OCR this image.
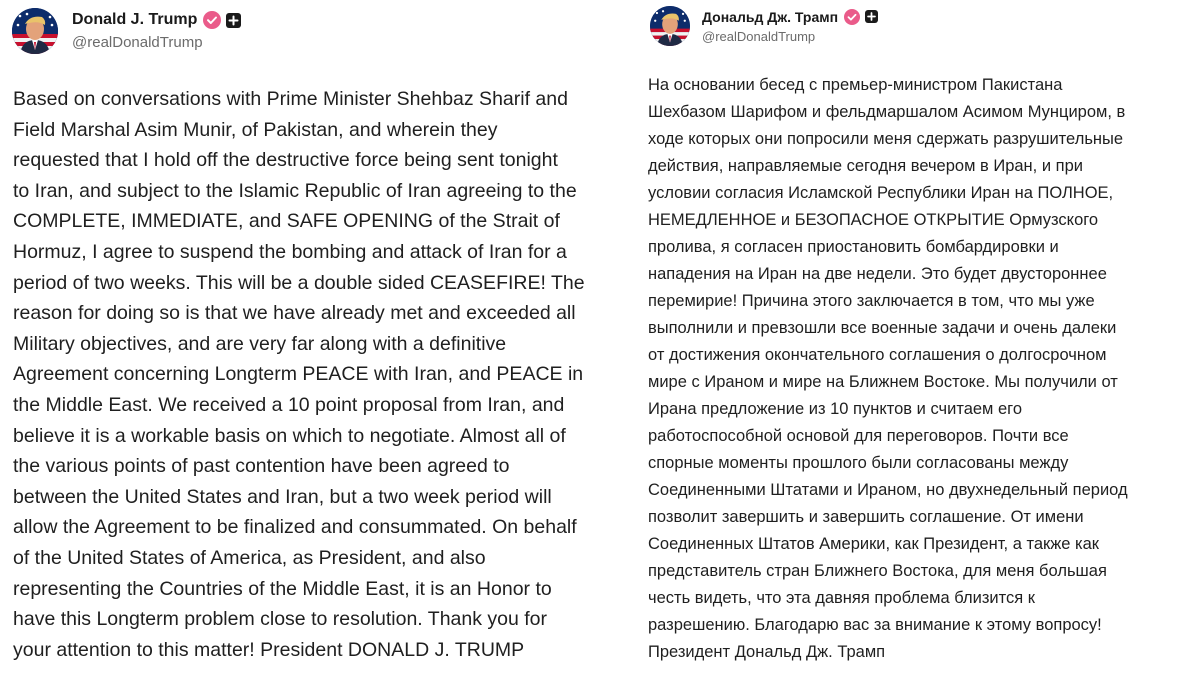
Donald J. Trump
@realDonaldTrump

Based on conversations with Prime Minister Shehbaz Sharif and
Field Marshal Asim Munir, of Pakistan, and wherein they
requested that I hold off the destructive force being sent tonight
to Iran, and subject to the Islamic Republic of Iran agreeing to the
COMPLETE, IMMEDIATE, and SAFE OPENING of the Strait of
Hormuz, I agree to suspend the bombing and attack of Iran for a
period of two weeks. This will be a double sided CEASEFIRE! The
reason for doing so is that we have already met and exceeded all
Military objectives, and are very far along with a definitive
Agreement concerning Longterm PEACE with Iran, and PEACE in
the Middle East. We received a 10 point proposal from Iran, and
believe it is a workable basis on which to negotiate. Almost all of
the various points of past contention have been agreed to
between the United States and Iran, but a two week period will
allow the Agreement to be finalized and consummated. On behalf
of the United States of America, as President, and also
representing the Countries of the Middle East, it is an Honor to
have this Longterm problem close to resolution. Thank you for
your attention to this matter! President DONALD J. TRUMP

Дональд Дж. Трамп
@realDonaldTrump

На основании бесед с премьер-министром Пакистана
Шехбазом Шарифом и фельдмаршалом Асимом Мунциром, в
ходе которых они попросили меня сдержать разрушительные
действия, направляемые сегодня вечером в Иран, и при
условии согласия Исламской Республики Иран на ПОЛНОЕ,
НЕМЕДЛЕННОЕ и БЕЗОПАСНОЕ ОТКРЫТИЕ Ормузского
пролива, я согласен приостановить бомбардировки и
нападения на Иран на две недели. Это будет двустороннее
перемирие! Причина этого заключается в том, что мы уже
выполнили и превзошли все военные задачи и очень далеки
от достижения окончательного соглашения о долгосрочном
мире с Ираном и мире на Ближнем Востоке. Мы получили от
Ирана предложение из 10 пунктов и считаем его
работоспособной основой для переговоров. Почти все
спорные моменты прошлого были согласованы между
Соединенными Штатами и Ираном, но двухнедельный период
позволит завершить и завершить соглашение. От имени
Соединенных Штатов Америки, как Президент, а также как
представитель стран Ближнего Востока, для меня большая
честь видеть, что эта давняя проблема близится к
разрешению. Благодарю вас за внимание к этому вопросу!
Президент Дональд Дж. Трамп
